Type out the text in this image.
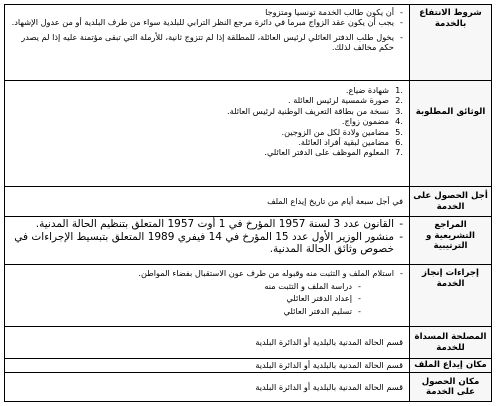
شروط الانتفاع بالخدمة
- أن يكون طالب الخدمة تونسيا ومتزوجا
- يجب أن يكون عقد الزواج مبرما في دائرة مرجع النظر الترابي للبلدية سواء من طرف البلدية أو من عدول الإشهاد.
- يخول طلب الدفتر العائلي لرئيس العائلة، للمطلقة إذا لم تتزوج ثانية، للأرملة التي تبقى مؤتمنة عليه إذا لم يصدر حكم مخالف لذلك.
الوثائق المطلوبة
.1
شهادة ضياع.
.2
صورة شمسية لرئيس العائلة .
.3
نسخة من بطاقة التعريف الوطنية لرئيس العائلة.
.4
مضمون زواج.
.5
مضامين ولادة لكل من الزوجين.
.6
مضامين لبقية أفراد العائلة.
.7
المعلوم الموظف على الدفتر العائلي.
أجل الحصول على الخدمة
في أجل سبعة أيام من تاريخ إيداع الملف
المراجع التشريعية و الترتيبية
- القانون عدد 3 لسنة 1957 المؤرخ في 1 أوت 1957 المتعلق بتنظيم الحالة المدنية.
- منشور الوزير الأول عدد 15 المؤرخ في 14 فيفري 1989 المتعلق بتبسيط الإجراءات في خصوص وثائق الحالة المدنية.
إجراءات إنجاز الخدمة
- استلام الملف و التثبت منه وقبوله من طرف عون الاستقبال بفضاء المواطن.
- دراسة الملف و التثبت منه
- إعداد الدفتر العائلي
- تسليم الدفتر العائلي
المصلحة المسداة للخدمة
قسم الحالة المدنية بالبلدية أو الدائرة البلدية
مكان إيداع الملف
قسم الحالة المدنية بالبلدية أو الدائرة البلدية
مكان الحصول على الخدمة
قسم الحالة المدنية بالبلدية أو الدائرة البلدية
